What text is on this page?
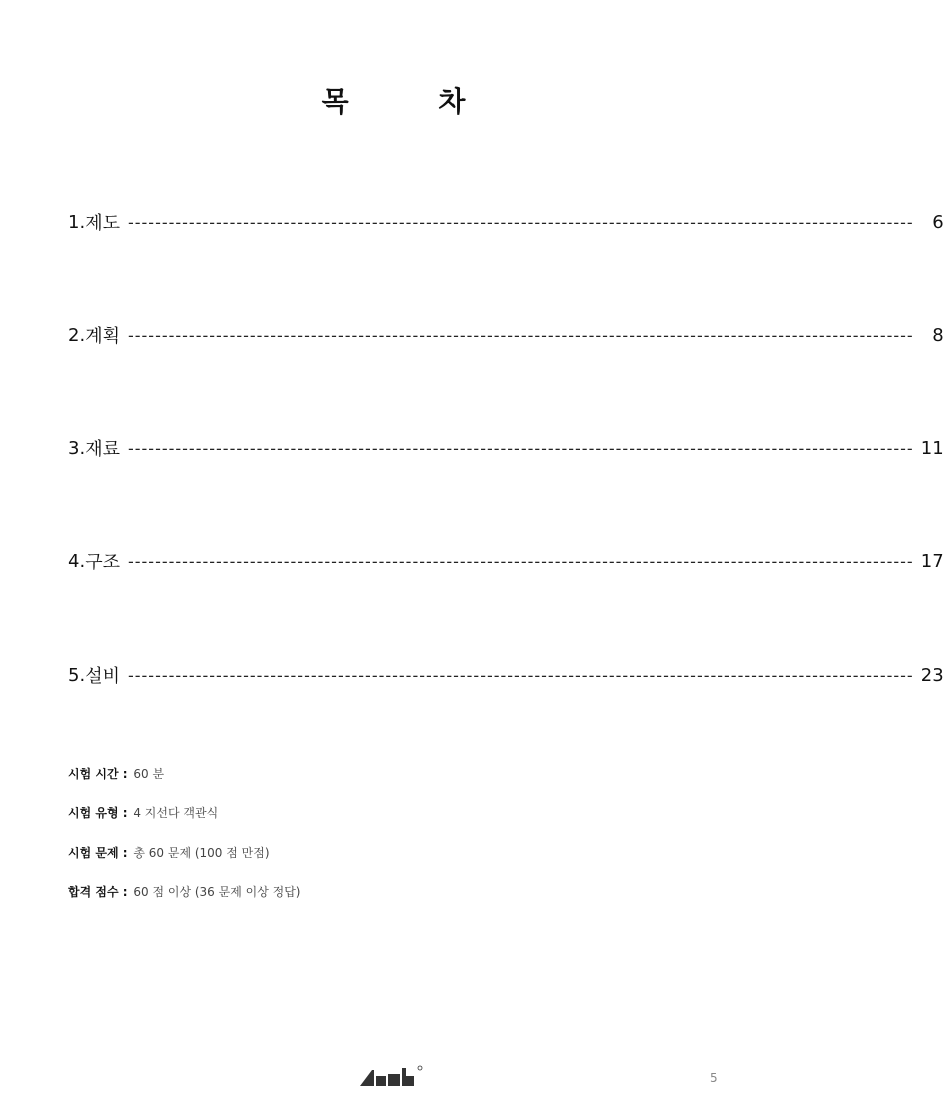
목 차
1. 제도 --------------------------------------------------------------------------------------------------------------------	6
2. 계획 --------------------------------------------------------------------------------------------------------------------	8
3. 재료 -------------------------------------------------------------------------------------------------------------------- 11
4. 구조 -------------------------------------------------------------------------------------------------------------------- 17
5. 설비 -------------------------------------------------------------------------------------------------------------------- 23
시험 시간 : 60 분
시험 유형 : 4 지선다 객관식
시험 문제 : 총 60 문제 (100 점 만점)
합격 점수 : 60 점 이상 (36 문제 이상 정답)
5
